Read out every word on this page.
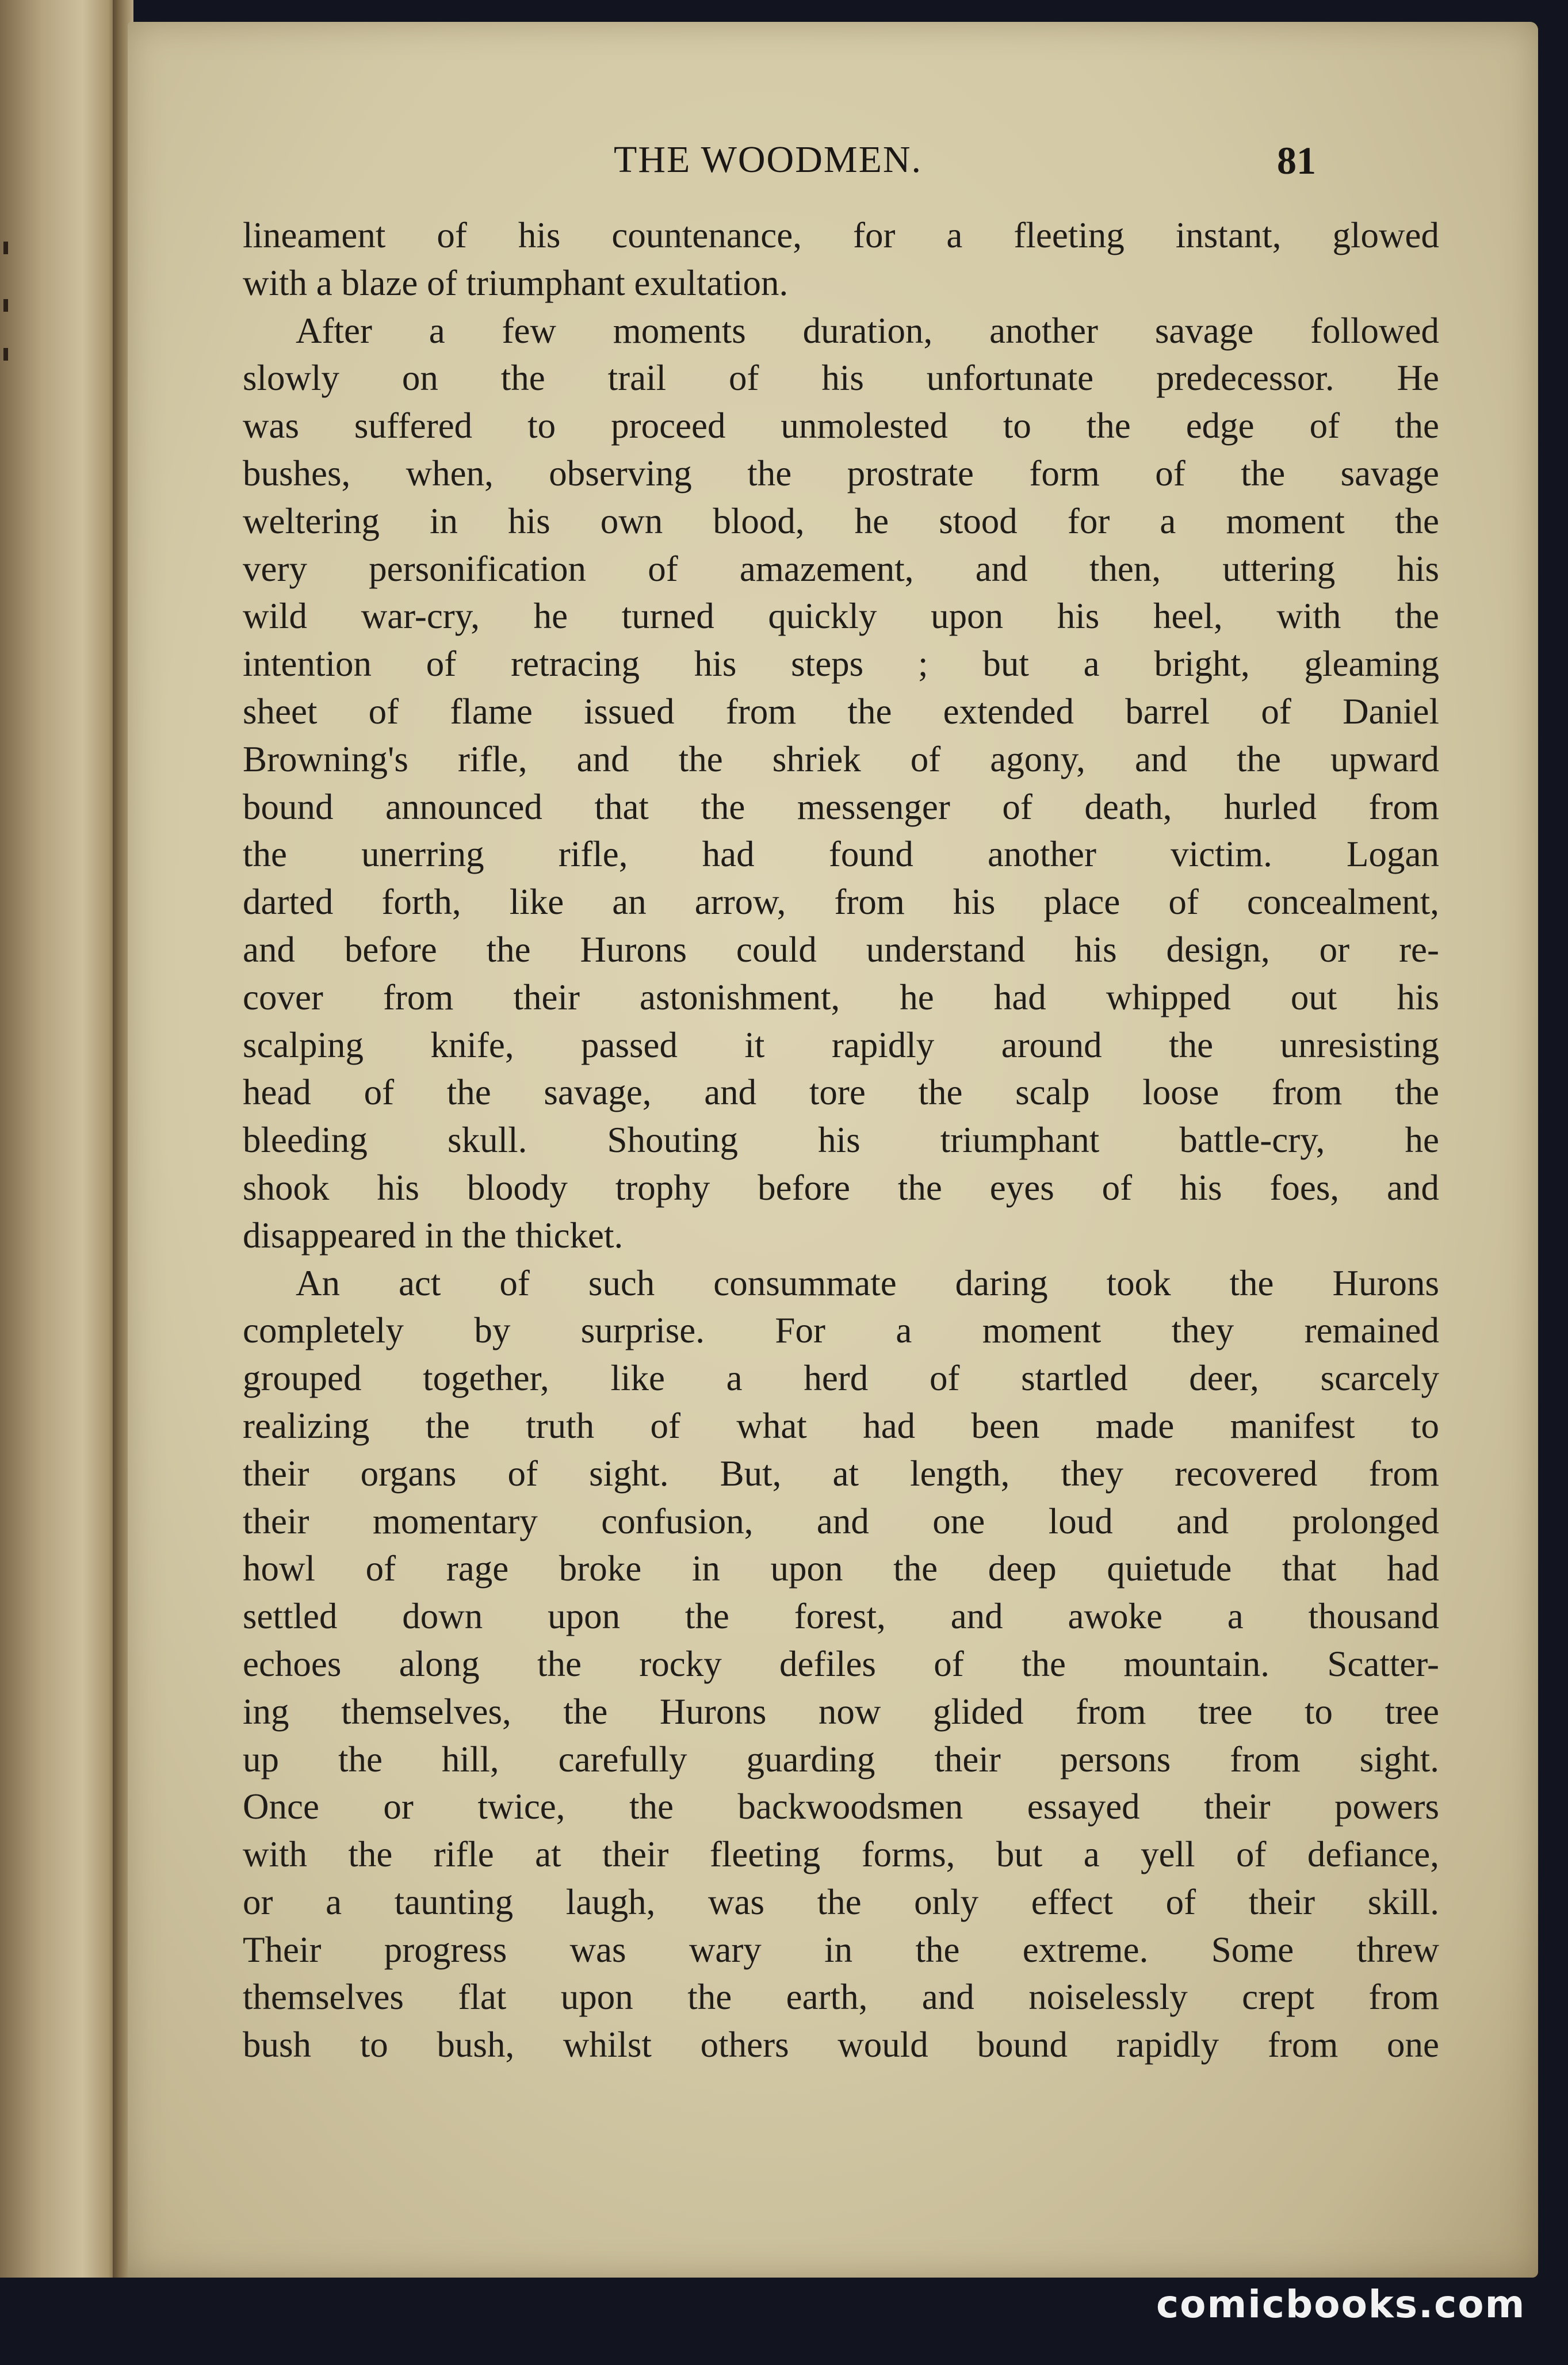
THE WOODMEN.	81
lineament of his countenance, for a fleeting instant, glowed
with a blaze of triumphant exultation.
After a few moments duration, another savage followed
slowly on the trail of his unfortunate predecessor. He
was suffered to proceed unmolested to the edge of the
bushes, when, observing the prostrate form of the savage
weltering in his own blood, he stood for a moment the
very personification of amazement, and then, uttering his
wild war-cry, he turned quickly upon his heel, with the
intention of retracing his steps ; but a bright, gleaming
sheet of flame issued from the extended barrel of Daniel
Browning's rifle, and the shriek of agony, and the upward
bound announced that the messenger of death, hurled from
the unerring rifle, had found another victim. Logan
darted forth, like an arrow, from his place of concealment,
and before the Hurons could understand his design, or re-
cover from their astonishment, he had whipped out his
scalping knife, passed it rapidly around the unresisting
head of the savage, and tore the scalp loose from the
bleeding skull. Shouting his triumphant battle-cry, he
shook his bloody trophy before the eyes of his foes, and
disappeared in the thicket.
An act of such consummate daring took the Hurons
completely by surprise. For a moment they remained
grouped together, like a herd of startled deer, scarcely
realizing the truth of what had been made manifest to
their organs of sight. But, at length, they recovered from
their momentary confusion, and one loud and prolonged
howl of rage broke in upon the deep quietude that had
settled down upon the forest, and awoke a thousand
echoes along the rocky defiles of the mountain. Scatter-
ing themselves, the Hurons now glided from tree to tree
up the hill, carefully guarding their persons from sight.
Once or twice, the backwoodsmen essayed their powers
with the rifle at their fleeting forms, but a yell of defiance,
or a taunting laugh, was the only effect of their skill.
Their progress was wary in the extreme. Some threw
themselves flat upon the earth, and noiselessly crept from
bush to bush, whilst others would bound rapidly from one
comicbooks.com
